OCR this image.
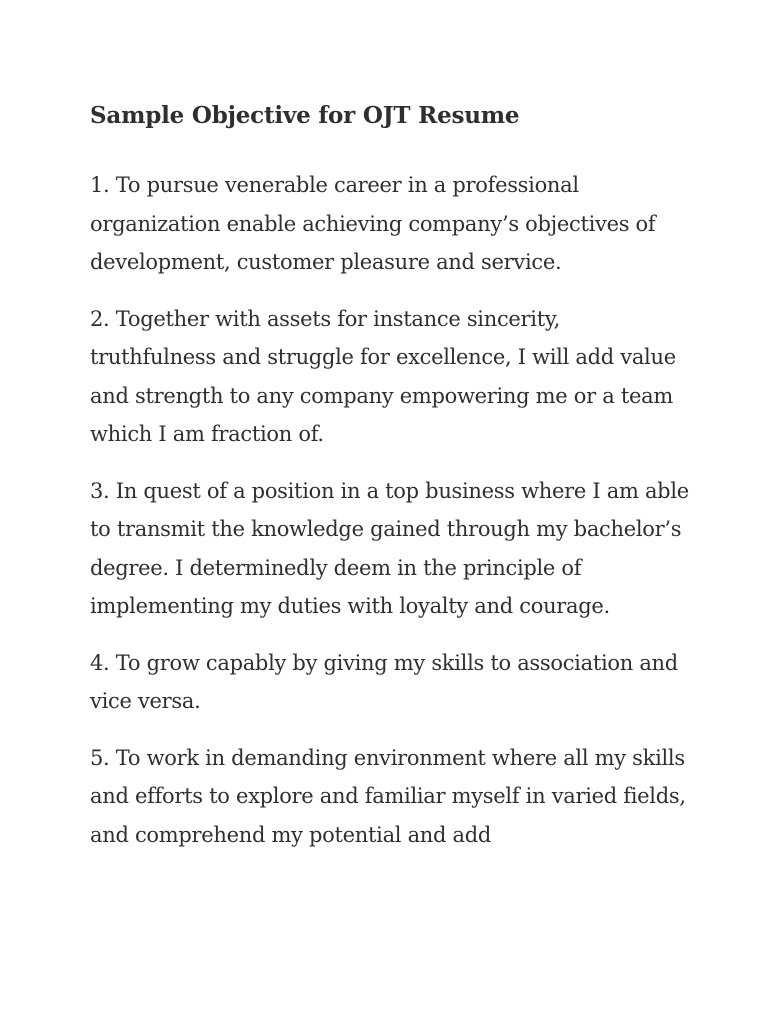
Sample Objective for OJT Resume

1. To pursue venerable career in a professional organization enable achieving company’s objectives of development, customer pleasure and service.

2. Together with assets for instance sincerity, truthfulness and struggle for excellence, I will add value and strength to any company empowering me or a team which I am fraction of.

3. In quest of a position in a top business where I am able to transmit the knowledge gained through my bachelor’s degree. I determinedly deem in the principle of implementing my duties with loyalty and courage.

4. To grow capably by giving my skills to association and vice versa.

5. To work in demanding environment where all my skills and efforts to explore and familiar myself in varied fields, and comprehend my potential and add
